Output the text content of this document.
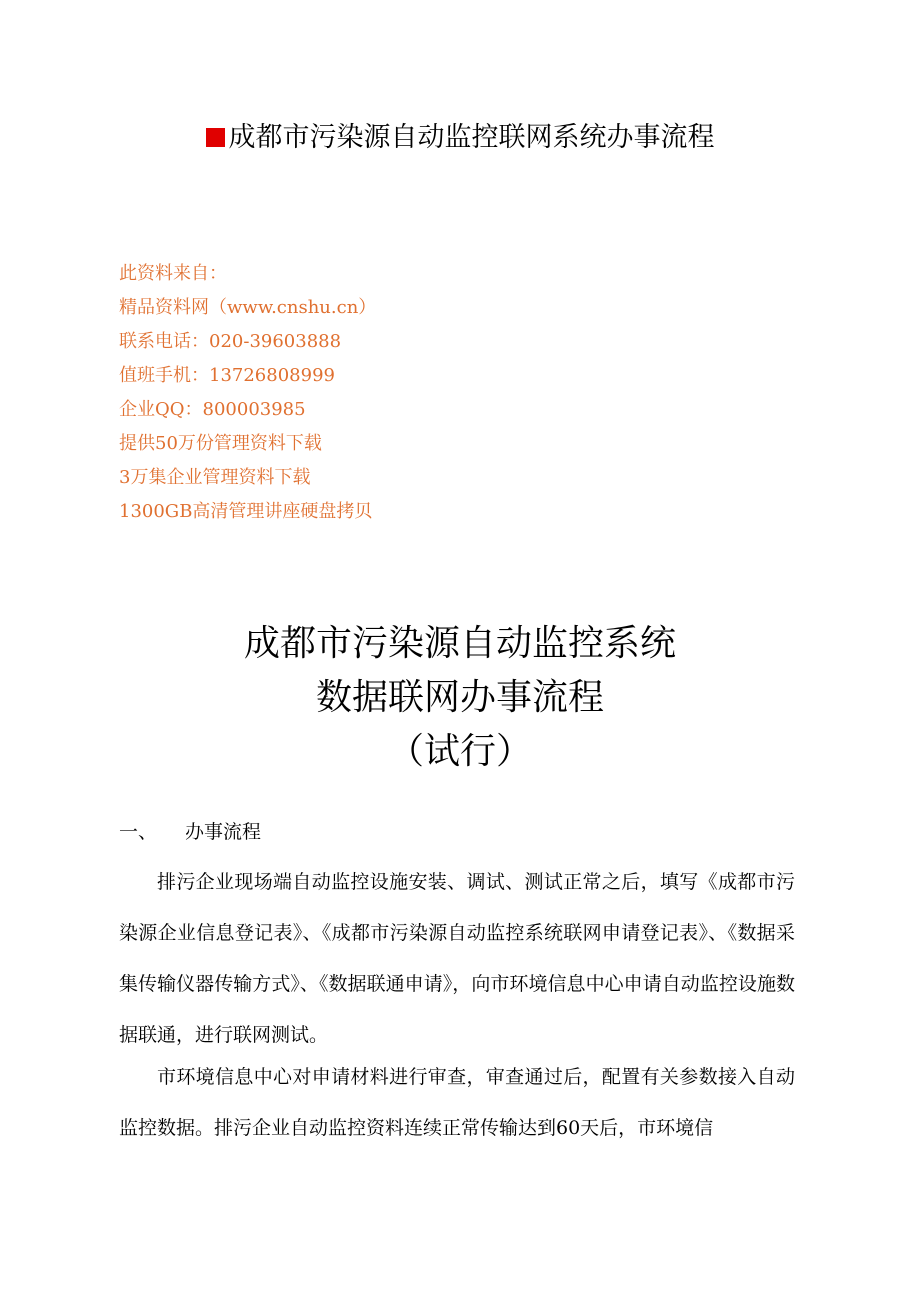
成都市污染源自动监控联网系统办事流程
此资料来自：
精品资料网（www.cnshu.cn）
联系电话：020-39603888
值班手机：13726808999
企业QQ：800003985
提供50万份管理资料下载
3万集企业管理资料下载
1300GB高清管理讲座硬盘拷贝
成都市污染源自动监控系统
数据联网办事流程
（试行）
一、 办事流程
排污企业现场端自动监控设施安装、调试、测试正常之后，填写《成都市污染源企业信息登记表》、《成都市污染源自动监控系统联网申请登记表》、《数据采集传输仪器传输方式》、《数据联通申请》，向市环境信息中心申请自动监控设施数据联通，进行联网测试。
市环境信息中心对申请材料进行审查，审查通过后，配置有关参数接入自动监控数据。排污企业自动监控资料连续正常传输达到60天后，市环境信
